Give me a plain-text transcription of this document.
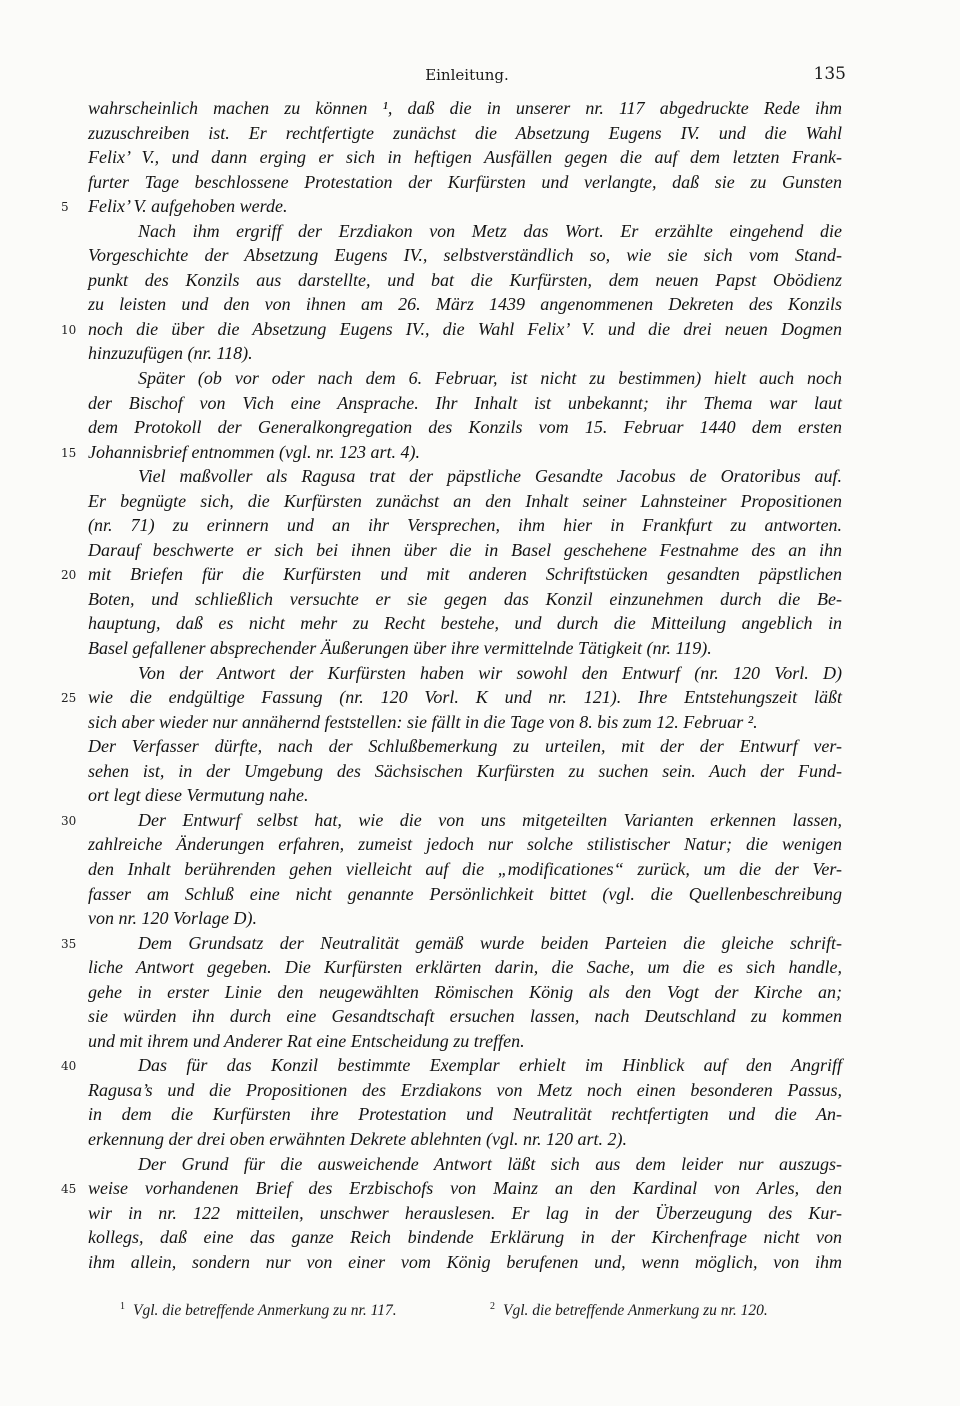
Einleitung.	135
wahrscheinlich machen zu können ¹, daß die in unserer nr. 117 abgedruckte Rede ihm
zuzuschreiben ist. Er rechtfertigte zunächst die Absetzung Eugens IV. und die Wahl
Felix’ V., und dann erging er sich in heftigen Ausfällen gegen die auf dem letzten Frank-
furter Tage beschlossene Protestation der Kurfürsten und verlangte, daß sie zu Gunsten
5 Felix’ V. aufgehoben werde.
Nach ihm ergriff der Erzdiakon von Metz das Wort. Er erzählte eingehend die
Vorgeschichte der Absetzung Eugens IV., selbstverständlich so, wie sie sich vom Stand-
punkt des Konzils aus darstellte, und bat die Kurfürsten, dem neuen Papst Obödienz
zu leisten und den von ihnen am 26. März 1439 angenommenen Dekreten des Konzils
10 noch die über die Absetzung Eugens IV., die Wahl Felix’ V. und die drei neuen Dogmen
hinzuzufügen (nr. 118).
Später (ob vor oder nach dem 6. Februar, ist nicht zu bestimmen) hielt auch noch
der Bischof von Vich eine Ansprache. Ihr Inhalt ist unbekannt; ihr Thema war laut
dem Protokoll der Generalkongregation des Konzils vom 15. Februar 1440 dem ersten
15 Johannisbrief entnommen (vgl. nr. 123 art. 4).
Viel maßvoller als Ragusa trat der päpstliche Gesandte Jacobus de Oratoribus auf.
Er begnügte sich, die Kurfürsten zunächst an den Inhalt seiner Lahnsteiner Propositionen
(nr. 71) zu erinnern und an ihr Versprechen, ihm hier in Frankfurt zu antworten.
Darauf beschwerte er sich bei ihnen über die in Basel geschehene Festnahme des an ihn
20 mit Briefen für die Kurfürsten und mit anderen Schriftstücken gesandten päpstlichen
Boten, und schließlich versuchte er sie gegen das Konzil einzunehmen durch die Be-
hauptung, daß es nicht mehr zu Recht bestehe, und durch die Mitteilung angeblich in
Basel gefallener absprechender Äußerungen über ihre vermittelnde Tätigkeit (nr. 119).
Von der Antwort der Kurfürsten haben wir sowohl den Entwurf (nr. 120 Vorl. D)
25 wie die endgültige Fassung (nr. 120 Vorl. K und nr. 121). Ihre Entstehungszeit läßt
sich aber wieder nur annähernd feststellen: sie fällt in die Tage von 8. bis zum 12. Februar ².
Der Verfasser dürfte, nach der Schlußbemerkung zu urteilen, mit der der Entwurf ver-
sehen ist, in der Umgebung des Sächsischen Kurfürsten zu suchen sein. Auch der Fund-
ort legt diese Vermutung nahe.
30	Der Entwurf selbst hat, wie die von uns mitgeteilten Varianten erkennen lassen,
zahlreiche Änderungen erfahren, zumeist jedoch nur solche stilistischer Natur; die wenigen
den Inhalt berührenden gehen vielleicht auf die „modificationes“ zurück, um die der Ver-
fasser am Schluß eine nicht genannte Persönlichkeit bittet (vgl. die Quellenbeschreibung
von nr. 120 Vorlage D).
35	Dem Grundsatz der Neutralität gemäß wurde beiden Parteien die gleiche schrift-
liche Antwort gegeben. Die Kurfürsten erklärten darin, die Sache, um die es sich handle,
gehe in erster Linie den neugewählten Römischen König als den Vogt der Kirche an;
sie würden ihn durch eine Gesandtschaft ersuchen lassen, nach Deutschland zu kommen
und mit ihrem und Anderer Rat eine Entscheidung zu treffen.
40	Das für das Konzil bestimmte Exemplar erhielt im Hinblick auf den Angriff
Ragusa’s und die Propositionen des Erzdiakons von Metz noch einen besonderen Passus,
in dem die Kurfürsten ihre Protestation und Neutralität rechtfertigten und die An-
erkennung der drei oben erwähnten Dekrete ablehnten (vgl. nr. 120 art. 2).
Der Grund für die ausweichende Antwort läßt sich aus dem leider nur auszugs-
45 weise vorhandenen Brief des Erzbischofs von Mainz an den Kardinal von Arles, den
wir in nr. 122 mitteilen, unschwer herauslesen. Er lag in der Überzeugung des Kur-
kollegs, daß eine das ganze Reich bindende Erklärung in der Kirchenfrage nicht von
ihm allein, sondern nur von einer vom König berufenen und, wenn möglich, von ihm
$^1$ Vgl. die betreffende Anmerkung zu nr. 117.	$^2$ Vgl. die betreffende Anmerkung zu nr. 120.
